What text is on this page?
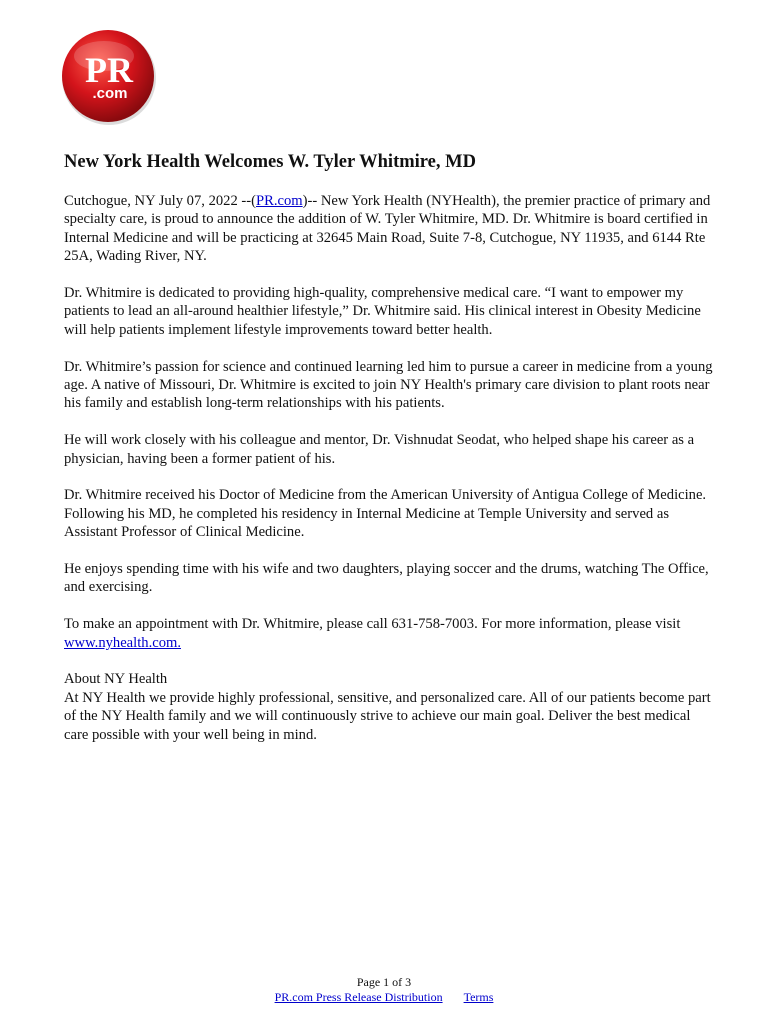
PR
.com
New York Health Welcomes W. Tyler Whitmire, MD

Cutchogue, NY July 07, 2022 --(PR.com)-- New York Health (NYHealth), the premier practice of primary and specialty care, is proud to announce the addition of W. Tyler Whitmire, MD. Dr. Whitmire is board certified in Internal Medicine and will be practicing at 32645 Main Road, Suite 7-8, Cutchogue, NY 11935, and 6144 Rte 25A, Wading River, NY.

Dr. Whitmire is dedicated to providing high-quality, comprehensive medical care. “I want to empower my patients to lead an all-around healthier lifestyle,” Dr. Whitmire said. His clinical interest in Obesity Medicine will help patients implement lifestyle improvements toward better health.

Dr. Whitmire’s passion for science and continued learning led him to pursue a career in medicine from a young age. A native of Missouri, Dr. Whitmire is excited to join NY Health's primary care division to plant roots near his family and establish long-term relationships with his patients.

He will work closely with his colleague and mentor, Dr. Vishnudat Seodat, who helped shape his career as a physician, having been a former patient of his.

Dr. Whitmire received his Doctor of Medicine from the American University of Antigua College of Medicine. Following his MD, he completed his residency in Internal Medicine at Temple University and served as Assistant Professor of Clinical Medicine.

He enjoys spending time with his wife and two daughters, playing soccer and the drums, watching The Office, and exercising.

To make an appointment with Dr. Whitmire, please call 631-758-7003. For more information, please visit www.nyhealth.com.

About NY Health
At NY Health we provide highly professional, sensitive, and personalized care. All of our patients become part of the NY Health family and we will continuously strive to achieve our main goal. Deliver the best medical care possible with your well being in mind.

Page 1 of 3
PR.com Press Release Distribution Terms
